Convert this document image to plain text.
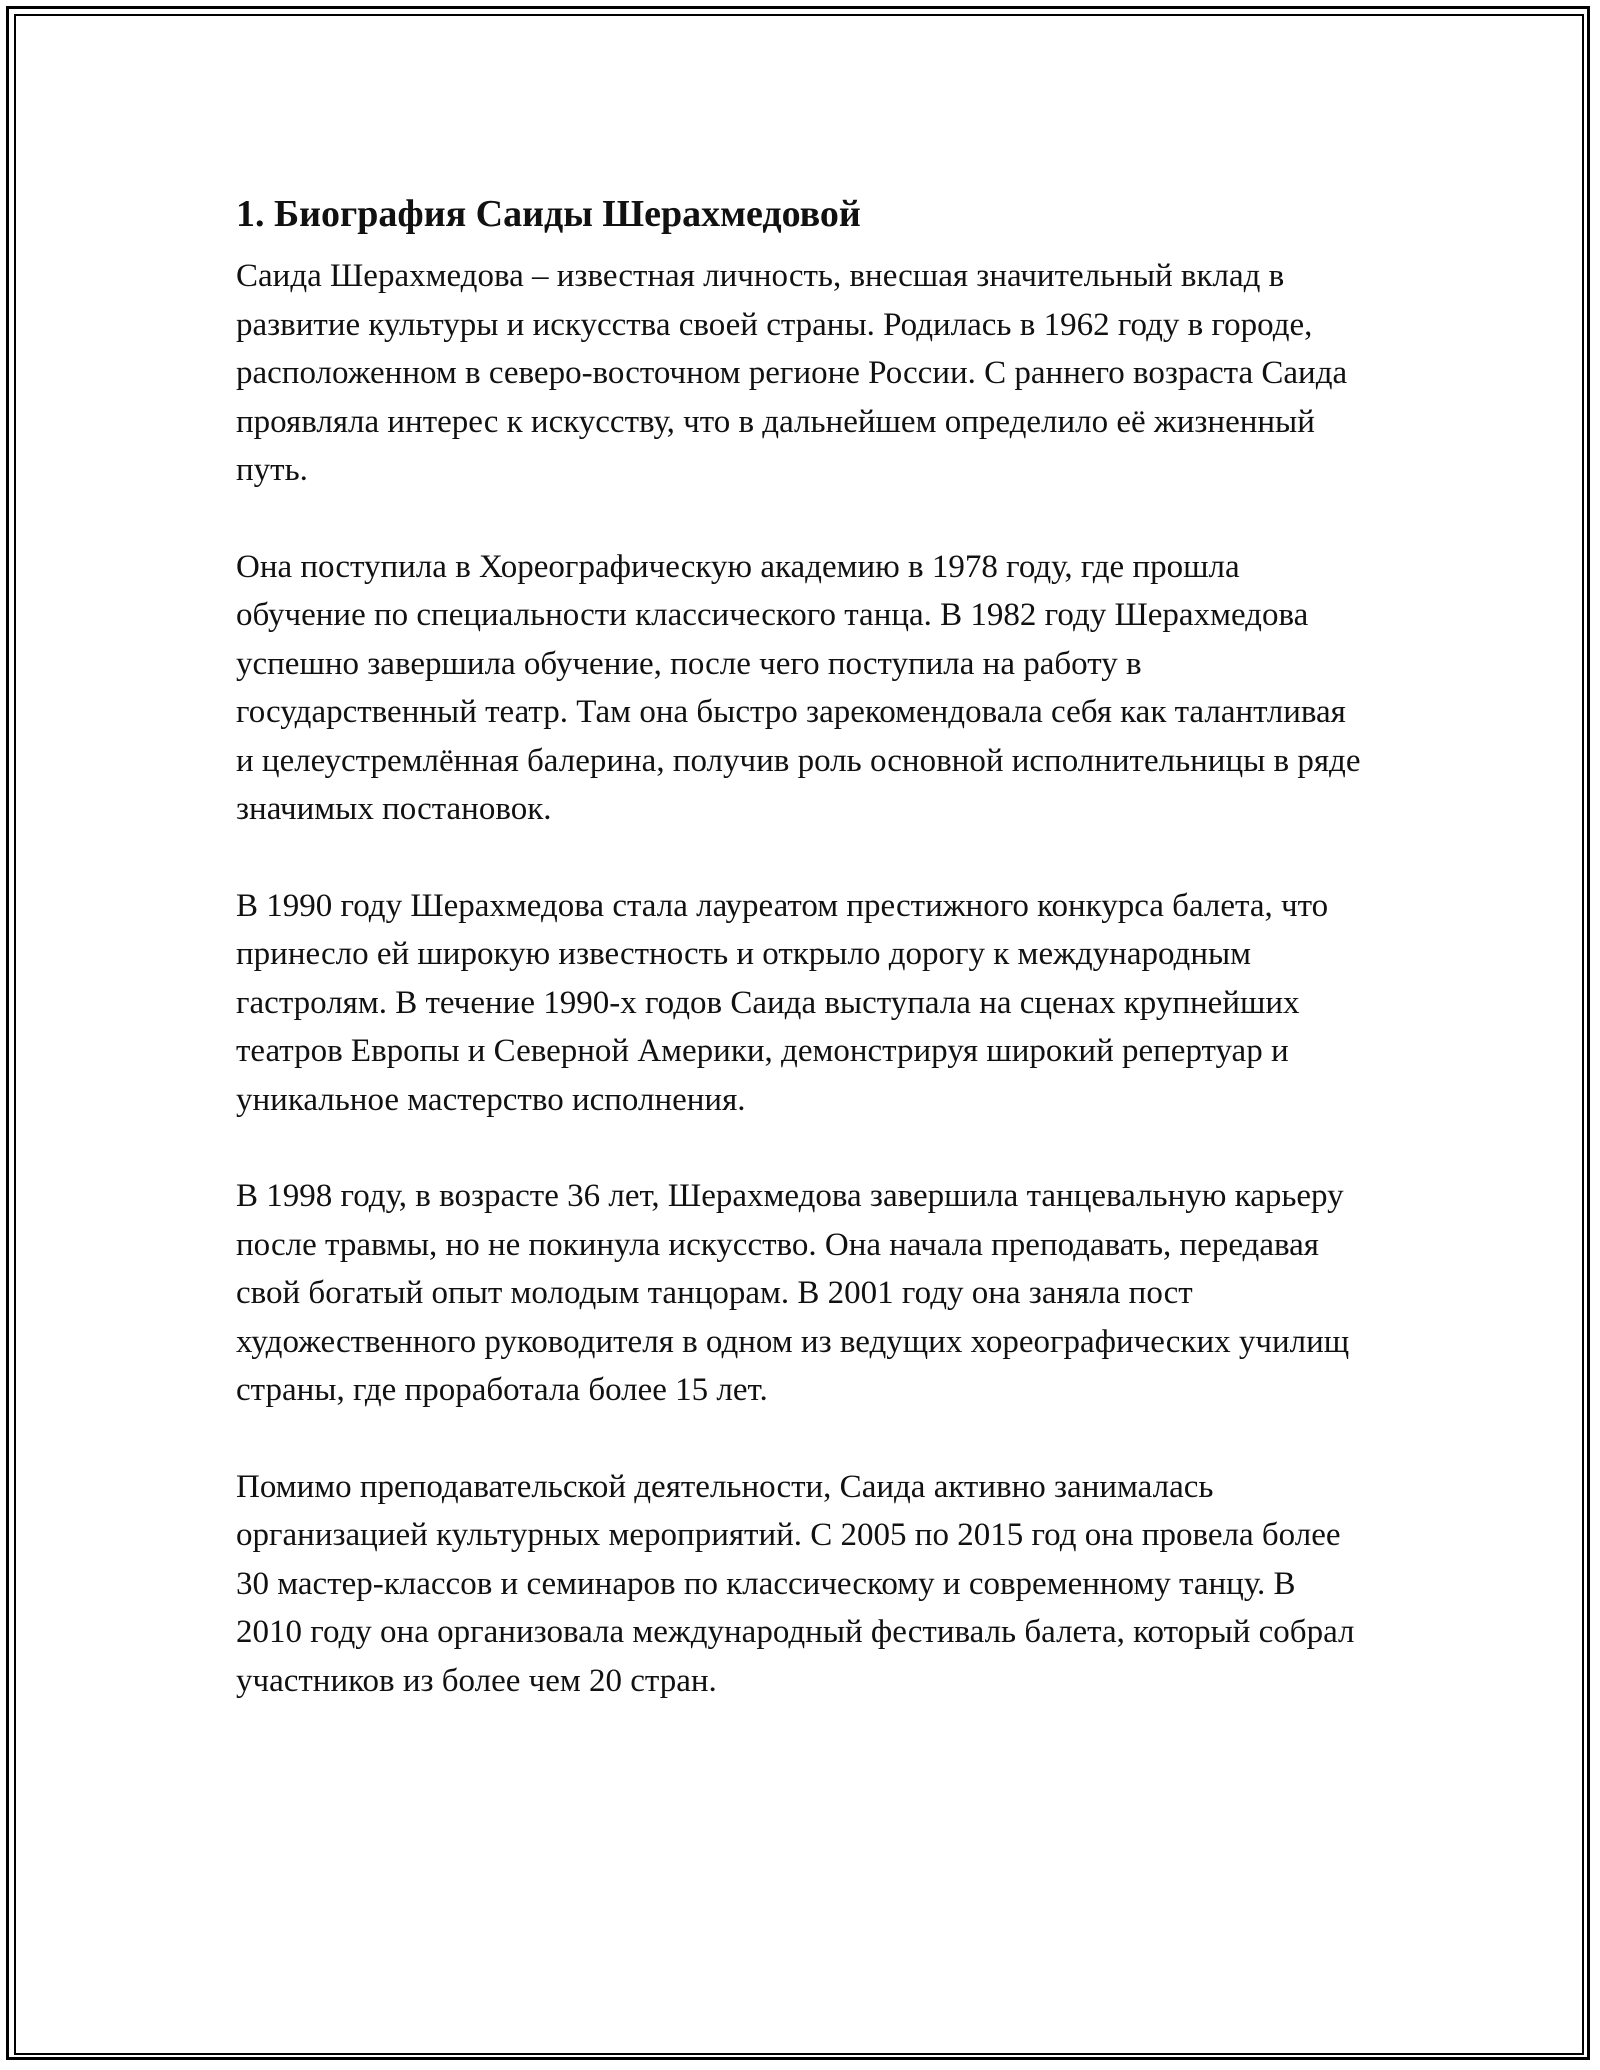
1. Биография Саиды Шерахмедовой

Саида Шерахмедова – известная личность, внесшая значительный вклад в развитие культуры и искусства своей страны. Родилась в 1962 году в городе, расположенном в северо-восточном регионе России. С раннего возраста Саида проявляла интерес к искусству, что в дальнейшем определило её жизненный путь.

Она поступила в Хореографическую академию в 1978 году, где прошла обучение по специальности классического танца. В 1982 году Шерахмедова успешно завершила обучение, после чего поступила на работу в государственный театр. Там она быстро зарекомендовала себя как талантливая и целеустремлённая балерина, получив роль основной исполнительницы в ряде значимых постановок.

В 1990 году Шерахмедова стала лауреатом престижного конкурса балета, что принесло ей широкую известность и открыло дорогу к международным гастролям. В течение 1990-х годов Саида выступала на сценах крупнейших театров Европы и Северной Америки, демонстрируя широкий репертуар и уникальное мастерство исполнения.

В 1998 году, в возрасте 36 лет, Шерахмедова завершила танцевальную карьеру после травмы, но не покинула искусство. Она начала преподавать, передавая свой богатый опыт молодым танцорам. В 2001 году она заняла пост художественного руководителя в одном из ведущих хореографических училищ страны, где проработала более 15 лет.

Помимо преподавательской деятельности, Саида активно занималась организацией культурных мероприятий. С 2005 по 2015 год она провела более 30 мастер-классов и семинаров по классическому и современному танцу. В 2010 году она организовала международный фестиваль балета, который собрал участников из более чем 20 стран.
